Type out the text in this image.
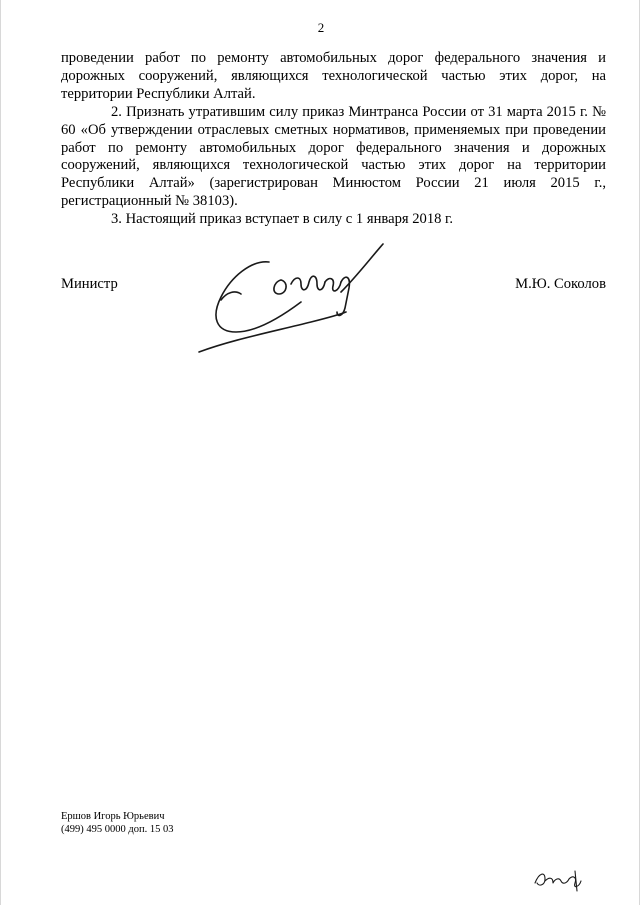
2

проведении работ по ремонту автомобильных дорог федерального значения и дорожных сооружений, являющихся технологической частью этих дорог, на территории Республики Алтай.

2. Признать утратившим силу приказ Минтранса России от 31 марта 2015 г. № 60 «Об утверждении отраслевых сметных нормативов, применяемых при проведении работ по ремонту автомобильных дорог федерального значения и дорожных сооружений, являющихся технологической частью этих дорог на территории Республики Алтай» (зарегистрирован Минюстом России 21 июля 2015 г., регистрационный № 38103).

3. Настоящий приказ вступает в силу с 1 января 2018 г.

Министр	М.Ю. Соколов
Ершов Игорь Юрьевич
(499) 495 0000 доп. 15 03
